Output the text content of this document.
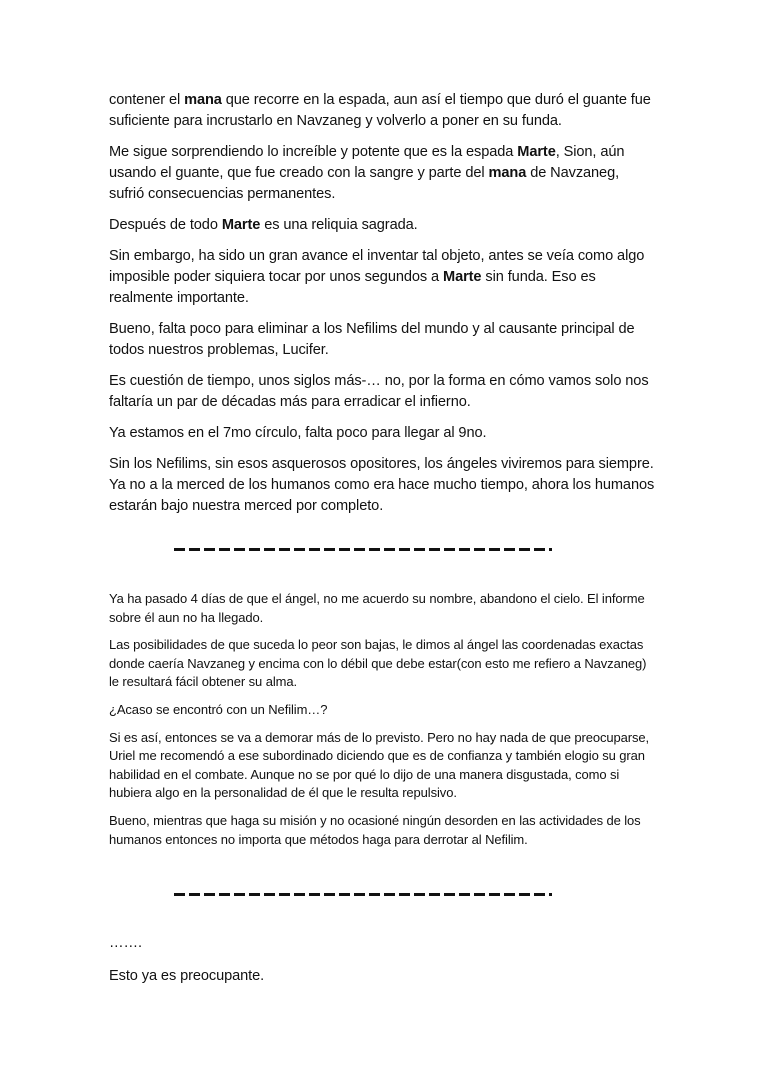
contener el mana que recorre en la espada, aun así el tiempo que duró el guante fue suficiente para incrustarlo en Navzaneg y volverlo a poner en su funda.

Me sigue sorprendiendo lo increíble y potente que es la espada Marte, Sion, aún usando el guante, que fue creado con la sangre y parte del mana de Navzaneg, sufrió consecuencias permanentes.

Después de todo Marte es una reliquia sagrada.

Sin embargo, ha sido un gran avance el inventar tal objeto, antes se veía como algo imposible poder siquiera tocar por unos segundos a Marte sin funda. Eso es realmente importante.

Bueno, falta poco para eliminar a los Nefilims del mundo y al causante principal de todos nuestros problemas, Lucifer.

Es cuestión de tiempo, unos siglos más-… no, por la forma en cómo vamos solo nos faltaría un par de décadas más para erradicar el infierno.

Ya estamos en el 7mo círculo, falta poco para llegar al 9no.

Sin los Nefilims, sin esos asquerosos opositores, los ángeles viviremos para siempre. Ya no a la merced de los humanos como era hace mucho tiempo, ahora los humanos estarán bajo nuestra merced por completo.

Ya ha pasado 4 días de que el ángel, no me acuerdo su nombre, abandono el cielo. El informe sobre él aun no ha llegado.

Las posibilidades de que suceda lo peor son bajas, le dimos al ángel las coordenadas exactas donde caería Navzaneg y encima con lo débil que debe estar(con esto me refiero a Navzaneg) le resultará fácil obtener su alma.

¿Acaso se encontró con un Nefilim…?

Si es así, entonces se va a demorar más de lo previsto. Pero no hay nada de que preocuparse, Uriel me recomendó a ese subordinado diciendo que es de confianza y también elogio su gran habilidad en el combate. Aunque no se por qué lo dijo de una manera disgustada, como si hubiera algo en la personalidad de él que le resulta repulsivo.

Bueno, mientras que haga su misión y no ocasioné ningún desorden en las actividades de los humanos entonces no importa que métodos haga para derrotar al Nefilim.

…….

Esto ya es preocupante.
